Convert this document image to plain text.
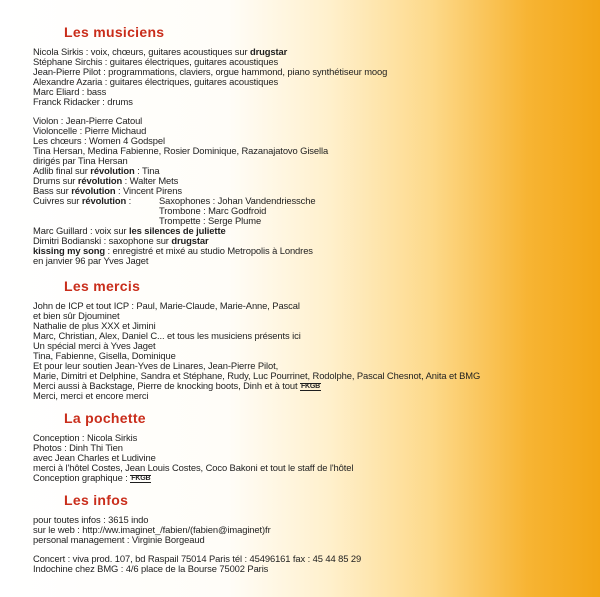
Les musiciens
Nicola Sirkis : voix, chœurs, guitares acoustiques sur drugstar
Stéphane Sirchis : guitares électriques, guitares acoustiques
Jean-Pierre Pilot : programmations, claviers, orgue hammond, piano synthétiseur moog
Alexandre Azaria : guitares électriques, guitares acoustiques
Marc Eliard : bass
Franck Ridacker : drums
Violon : Jean-Pierre Catoul
Violoncelle : Pierre Michaud
Les chœurs : Women 4 Godspel
Tina Hersan, Medina Fabienne, Rosier Dominique, Razanajatovo Gisella
dirigés par Tina Hersan
Adlib final sur révolution : Tina
Drums sur révolution : Walter Mets
Bass sur révolution : Vincent Pirens
Cuivres sur révolution :	Saxophones : Johan Vandendriessche
Trombone : Marc Godfroid
Trompette : Serge Plume
Marc Guillard : voix sur les silences de juliette
Dimitri Bodianski : saxophone sur drugstar
kissing my song : enregistré et mixé au studio Metropolis à Londres
en janvier 96 par Yves Jaget
Les mercis
John de ICP et tout ICP : Paul, Marie-Claude, Marie-Anne, Pascal
et bien sûr Djouminet
Nathalie de plus XXX et Jimini
Marc, Christian, Alex, Daniel C... et tous les musiciens présents ici
Un spécial merci à Yves Jaget
Tina, Fabienne, Gisella, Dominique
Et pour leur soutien Jean-Yves de Linares, Jean-Pierre Pilot,
Marie, Dimitri et Delphine, Sandra et Stéphane, Rudy, Luc Pourrinet, Rodolphe, Pascal Chesnot, Anita et BMG
Merci aussi à Backstage, Pierre de knocking boots, Dinh et à tout FKGB
Merci, merci et encore merci
La pochette
Conception : Nicola Sirkis
Photos : Dinh Thi Tien
avec Jean Charles et Ludivine
merci à l'hôtel Costes, Jean Louis Costes, Coco Bakoni et tout le staff de l'hôtel
Conception graphique : FKGB
Les infos
pour toutes infos : 3615 indo
sur le web : http://ww.imaginet_/fabien/(fabien@imaginet)fr
personal management : Virginie Borgeaud
Concert : viva prod. 107, bd Raspail 75014 Paris tél : 45496161 fax : 45 44 85 29
Indochine chez BMG : 4/6 place de la Bourse 75002 Paris
